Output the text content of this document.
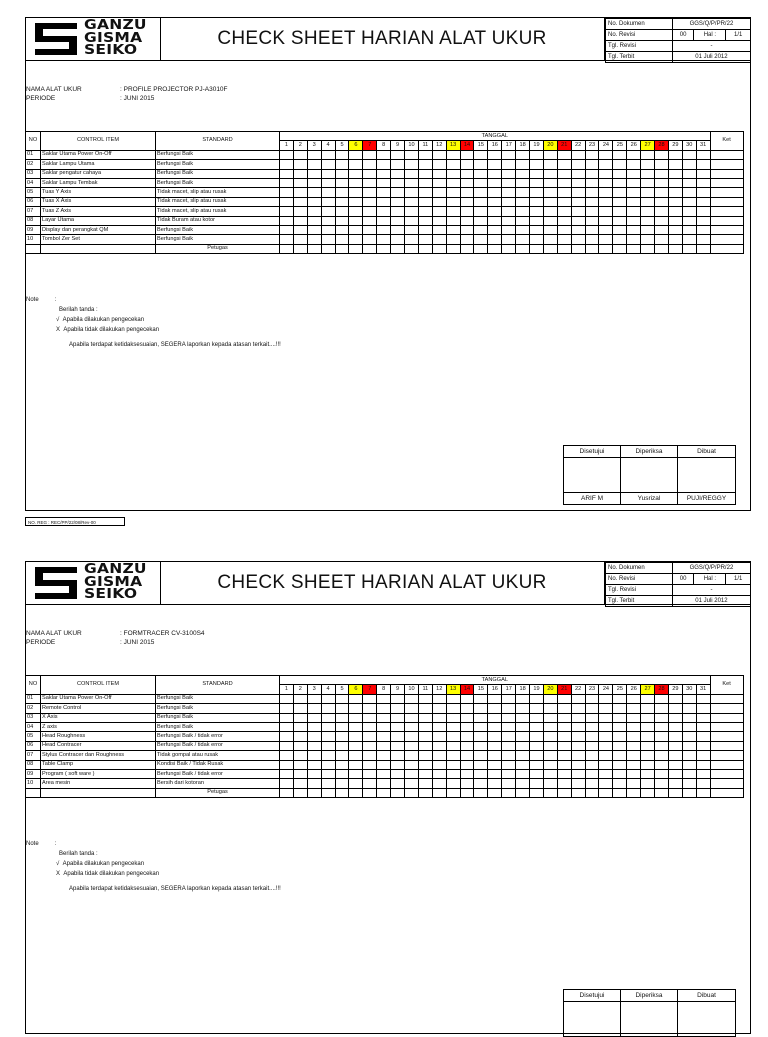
GANZU
GISMA
SEIKO
CHECK SHEET HARIAN ALAT UKUR
No. Dokumen	GGS/Q/P/PR/22		
No. Revisi	00	Hal :	1/1
Tgl. Revisi	-		
Tgl. Terbit	01 Juli 2012		
NAMA ALAT UKUR	: PROFILE PROJECTOR PJ-A3010F
PERIODE	: JUNI 2015
NO	CONTROL ITEM	STANDARD	TANGGAL																															Ket
			1	2	3	4	5	6	7	8	9	10	11	12	13	14	15	16	17	18	19	20	21	22	23	24	25	26	27	28	29	30	31	
01	Saklar Utama Power On-Off	Berfungsi Baik																																
02	Saklar Lampu Utama	Berfungsi Baik																																
03	Saklar pengatur cahaya	Berfungsi Baik																																
04	Saklar Lampu Tembak	Berfungsi Baik																																
05	Tuas Y Axis	Tidak macet, slip atau rusak																																
06	Tuas X Axis	Tidak macet, slip atau rusak																																
07	Tuas Z Axis	Tidak macet, slip atau rusak																																
08	Layar Utama	Tidak Buram atau kotor																																
09	Display dan perangkat QM	Berfungsi Baik																																
10	Tombol Zer Set	Berfungsi Baik																																
		Petugas																																
Note	:
Berilah tanda :
√ Apabila dilakukan pengecekan
X Apabila tidak dilakukan pengecekan
Apabila terdapat ketidaksesuaian, SEGERA laporkan kepada atasan terkait....!!!
Disetujui	Diperiksa	Dibuat

ARIF M	Yusrizal	PUJI/REGGY
NO. REG : REC/PP/22/08/Rev-00
GANZU
GISMA
SEIKO
CHECK SHEET HARIAN ALAT UKUR
No. Dokumen	GGS/Q/P/PR/22		
No. Revisi	00	Hal :	1/1
Tgl. Revisi	-		
Tgl. Terbit	01 Juli 2012		
NAMA ALAT UKUR	: FORMTRACER CV-3100S4
PERIODE	: JUNI 2015
NO	CONTROL ITEM	STANDARD	TANGGAL																															Ket
			1	2	3	4	5	6	7	8	9	10	11	12	13	14	15	16	17	18	19	20	21	22	23	24	25	26	27	28	29	30	31	
01	Saklar Utama Power On-Off	Berfungsi Baik																																
02	Remote Control	Berfungsi Baik																																
03	X Axis	Berfungsi Baik																																
04	Z axis	Berfungsi Baik																																
05	Head Roughness	Berfungsi Baik / tidak error																																
06	Head Contracer	Berfungsi Baik / tidak error																																
07	Stylus Contracer dan Roughness	Tidak gompal atau rusak																																
08	Table Clamp	Kondisi Baik / Tidak Rusak																																
09	Program ( soft ware )	Berfungsi Baik / tidak error																																
10	Area mesin	Bersih dari kotoran																																
		Petugas																																
Note	:
Berilah tanda :
√ Apabila dilakukan pengecekan
X Apabila tidak dilakukan pengecekan
Apabila terdapat ketidaksesuaian, SEGERA laporkan kepada atasan terkait....!!!
Disetujui	Diperiksa	Dibuat
